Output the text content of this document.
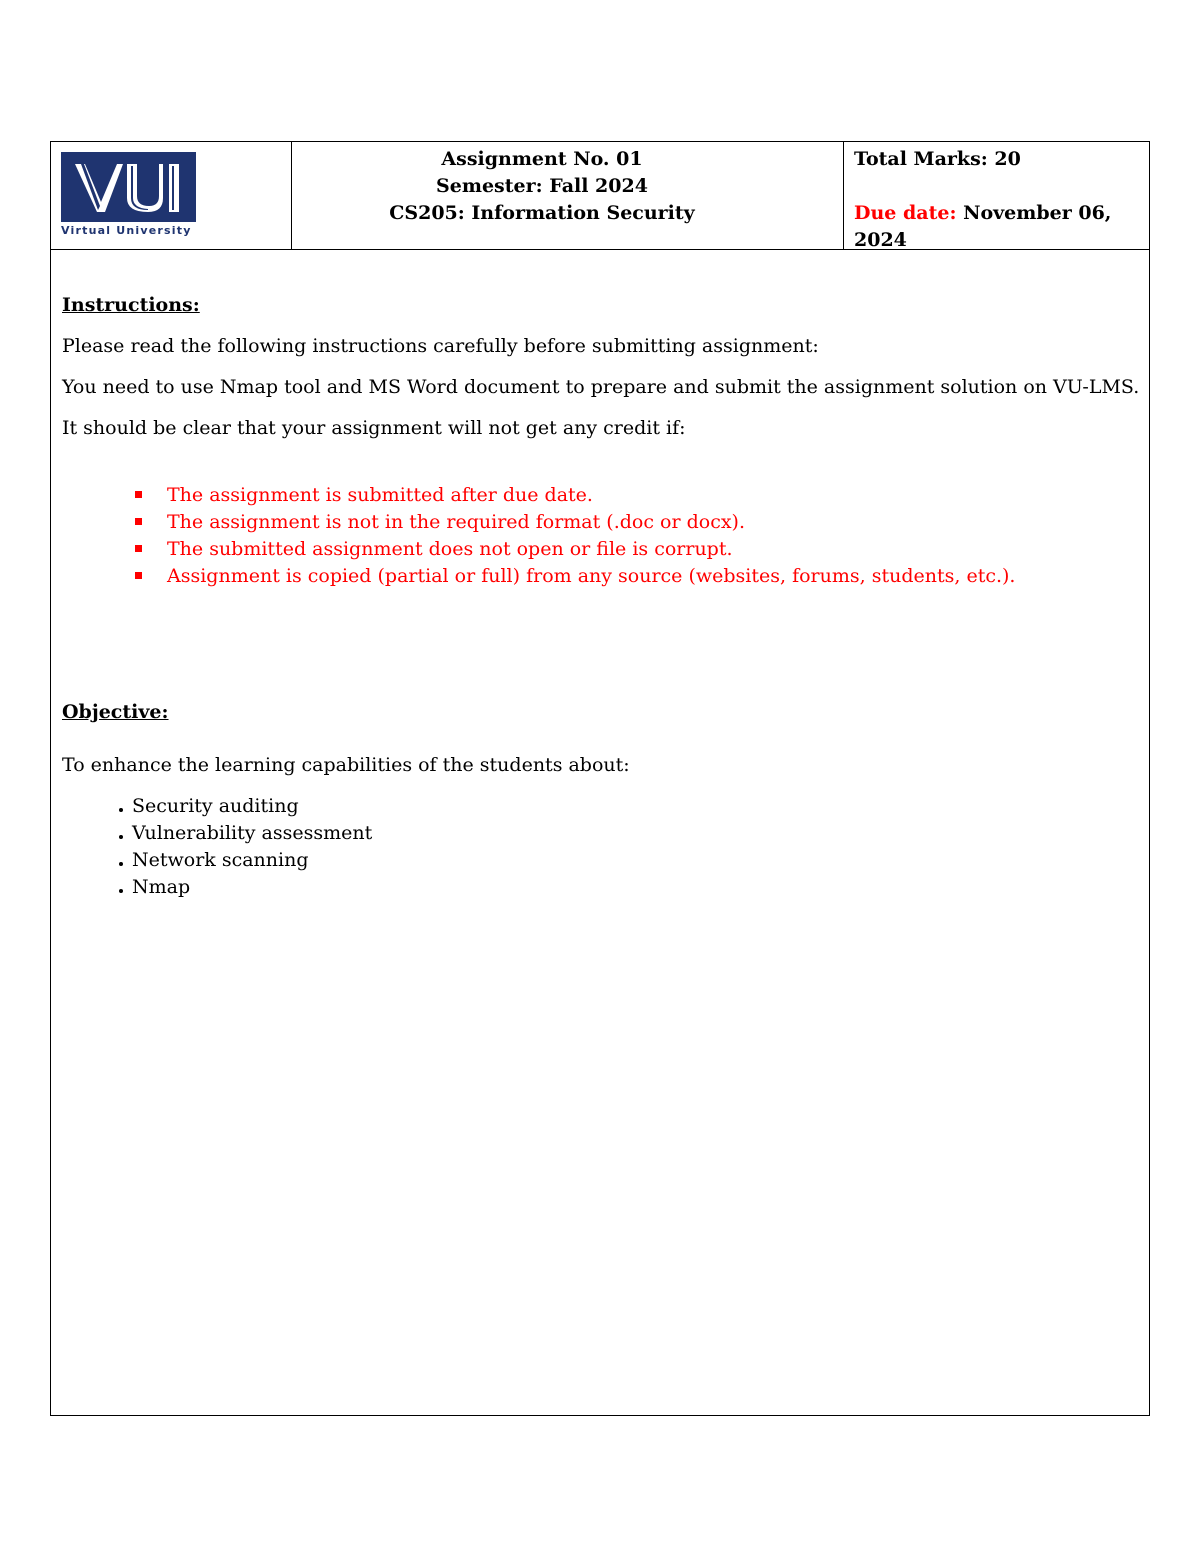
Virtual University
Assignment No. 01
Semester: Fall 2024
CS205: Information Security
Total Marks: 20
Due date: November 06, 2024
Instructions:
Please read the following instructions carefully before submitting assignment:
You need to use Nmap tool and MS Word document to prepare and submit the assignment solution on VU-LMS.
It should be clear that your assignment will not get any credit if:
The assignment is submitted after due date.
The assignment is not in the required format (.doc or docx).
The submitted assignment does not open or file is corrupt.
Assignment is copied (partial or full) from any source (websites, forums, students, etc.).
Objective:
To enhance the learning capabilities of the students about:
Security auditing
Vulnerability assessment
Network scanning
Nmap
